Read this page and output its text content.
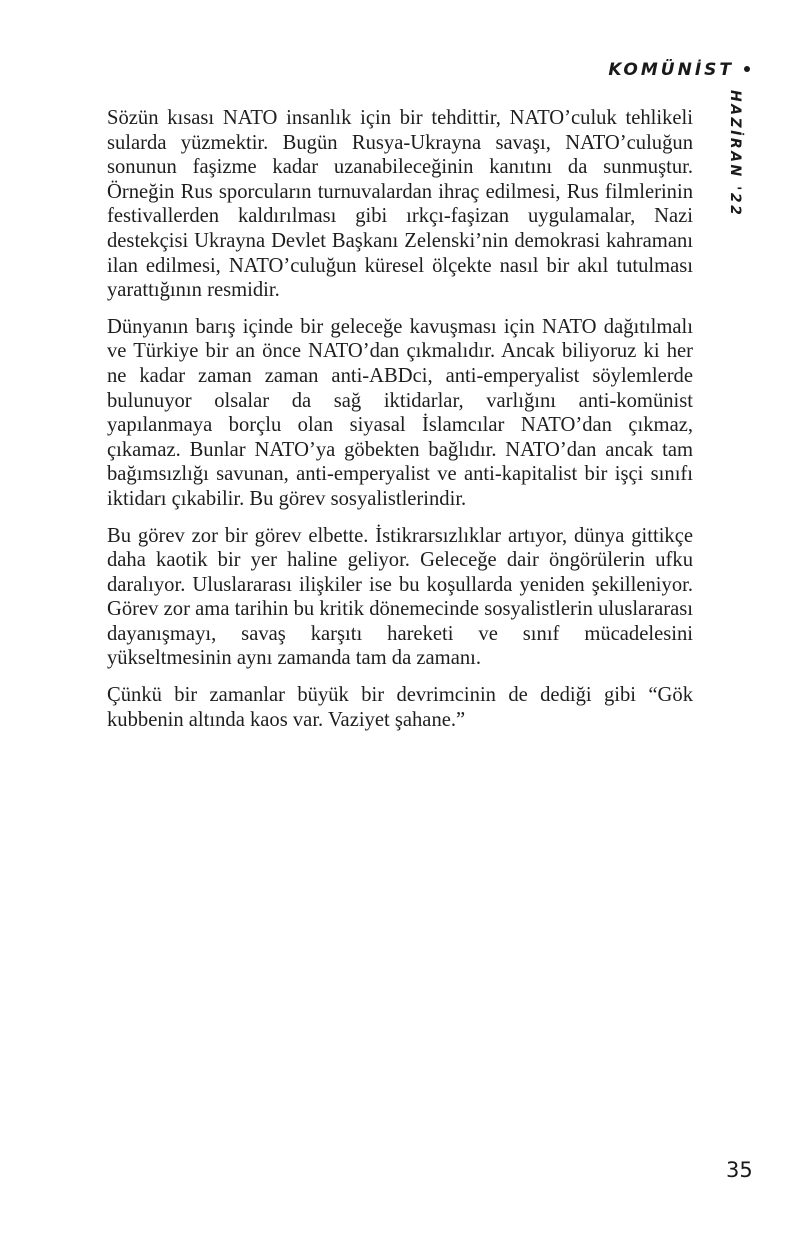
KOMÜNİST
HAZİRAN '22

Sözün kısası NATO insanlık için bir tehdittir, NATO’culuk tehlikeli sularda yüzmektir. Bugün Rusya-Ukrayna savaşı, NATO’culuğun sonunun faşizme kadar uzanabileceğinin kanıtını da sunmuştur. Örneğin Rus sporcuların turnuvalardan ihraç edilmesi, Rus filmlerinin festivallerden kaldırılması gibi ırkçı-faşizan uygulamalar, Nazi destekçisi Ukrayna Devlet Başkanı Zelenski’nin demokrasi kahramanı ilan edilmesi, NATO’culuğun küresel ölçekte nasıl bir akıl tutulması yarattığının resmidir.

Dünyanın barış içinde bir geleceğe kavuşması için NATO dağıtılmalı ve Türkiye bir an önce NATO’dan çıkmalıdır. Ancak biliyoruz ki her ne kadar zaman zaman anti-ABDci, anti-emperyalist söylemlerde bulunuyor olsalar da sağ iktidarlar, varlığını anti-komünist yapılanmaya borçlu olan siyasal İslamcılar NATO’dan çıkmaz, çıkamaz. Bunlar NATO’ya göbekten bağlıdır. NATO’dan ancak tam bağımsızlığı savunan, anti-emperyalist ve anti-kapitalist bir işçi sınıfı iktidarı çıkabilir. Bu görev sosyalistlerindir.

Bu görev zor bir görev elbette. İstikrarsızlıklar artıyor, dünya gittikçe daha kaotik bir yer haline geliyor. Geleceğe dair öngörülerin ufku daralıyor. Uluslararası ilişkiler ise bu koşullarda yeniden şekilleniyor. Görev zor ama tarihin bu kritik dönemecinde sosyalistlerin uluslararası dayanışmayı, savaş karşıtı hareketi ve sınıf mücadelesini yükseltmesinin aynı zamanda tam da zamanı.

Çünkü bir zamanlar büyük bir devrimcinin de dediği gibi “Gök kubbenin altında kaos var. Vaziyet şahane.”

35
